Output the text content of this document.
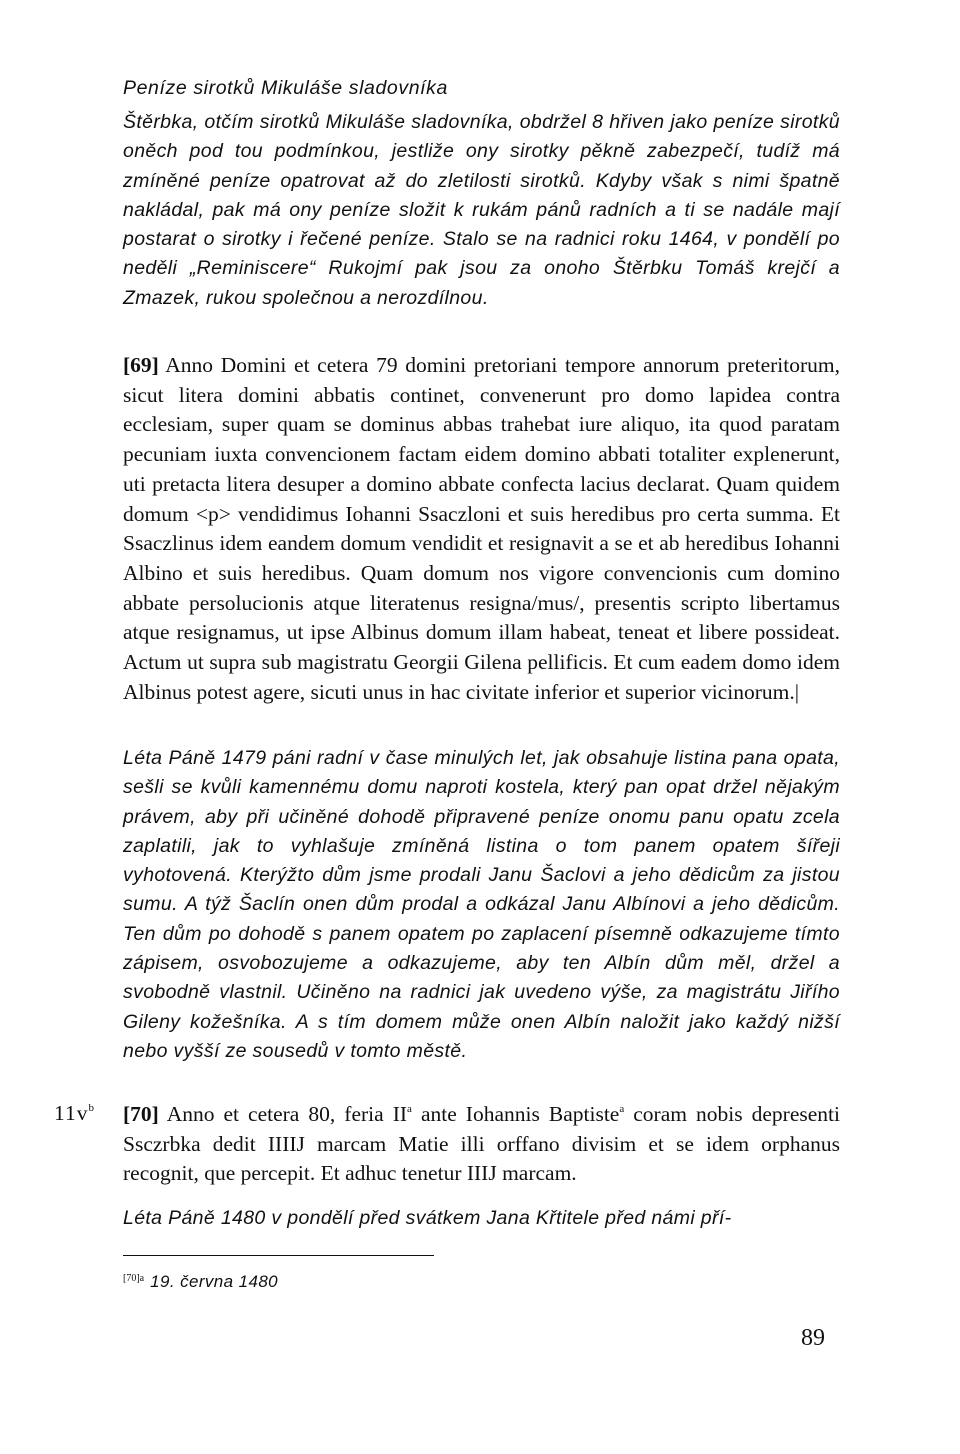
Peníze sirotků Mikuláše sladovníka

Štěrbka, otčím sirotků Mikuláše sladovníka, obdržel 8 hřiven jako peníze sirotků oněch pod tou podmínkou, jestliže ony sirotky pěkně zabezpečí, tudíž má zmíněné peníze opatrovat až do zletilosti sirotků. Kdyby však s nimi špatně nakládal, pak má ony peníze složit k rukám pánů radních a ti se nadále mají postarat o sirotky i řečené peníze. Stalo se na radnici roku 1464, v pondělí po neděli „Reminiscere“ Rukojmí pak jsou za onoho Štěrbku Tomáš krejčí a Zmazek, rukou společnou a nerozdílnou.

[69] Anno Domini et cetera 79 domini pretoriani tempore annorum preteritorum, sicut litera domini abbatis continet, convenerunt pro domo lapidea contra ecclesiam, super quam se dominus abbas trahebat iure aliquo, ita quod paratam pecuniam iuxta convencionem factam eidem domino abbati totaliter explenerunt, uti pretacta litera desuper a domino abbate confecta lacius declarat. Quam quidem domum <p> vendidimus Iohanni Ssaczloni et suis heredibus pro certa summa. Et Ssaczlinus idem eandem domum vendidit et resignavit a se et ab heredibus Iohanni Albino et suis heredibus. Quam domum nos vigore convencionis cum domino abbate persolucionis atque literatenus resigna/mus/, presentis scripto libertamus atque resignamus, ut ipse Albinus domum illam habeat, teneat et libere possideat. Actum ut supra sub magistratu Georgii Gilena pellificis. Et cum eadem domo idem Albinus potest agere, sicuti unus in hac civitate inferior et superior vicinorum.|

Léta Páně 1479 páni radní v čase minulých let, jak obsahuje listina pana opata, sešli se kvůli kamennému domu naproti kostela, který pan opat držel nějakým právem, aby při učiněné dohodě připravené peníze onomu panu opatu zcela zaplatili, jak to vyhlašuje zmíněná listina o tom panem opatem šířeji vyhotovená. Kterýžto dům jsme prodali Janu Šaclovi a jeho dědicům za jistou sumu. A týž Šaclín onen dům prodal a odkázal Janu Albínovi a jeho dědicům. Ten dům po dohodě s panem opatem po zaplacení písemně odkazujeme tímto zápisem, osvobozujeme a odkazujeme, aby ten Albín dům měl, držel a svobodně vlastnil. Učiněno na radnici jak uvedeno výše, za magistrátu Jiřího Gileny kožešníka. A s tím domem může onen Albín naložit jako každý nižší nebo vyšší ze sousedů v tomto městě.

$11v^b$ [70] Anno et cetera 80, feria $II^a$ ante Iohannis Baptiste$^a$ coram nobis depresenti Ssczrbka dedit IIIIJ marcam Matie illi orffano divisim et se idem orphanus recognit, que percepit. Et adhuc tenetur IIIJ marcam.

Léta Páně 1480 v pondělí před svátkem Jana Křtitele před námi pří-

$^{[70]a}$ 19. června 1480
89
